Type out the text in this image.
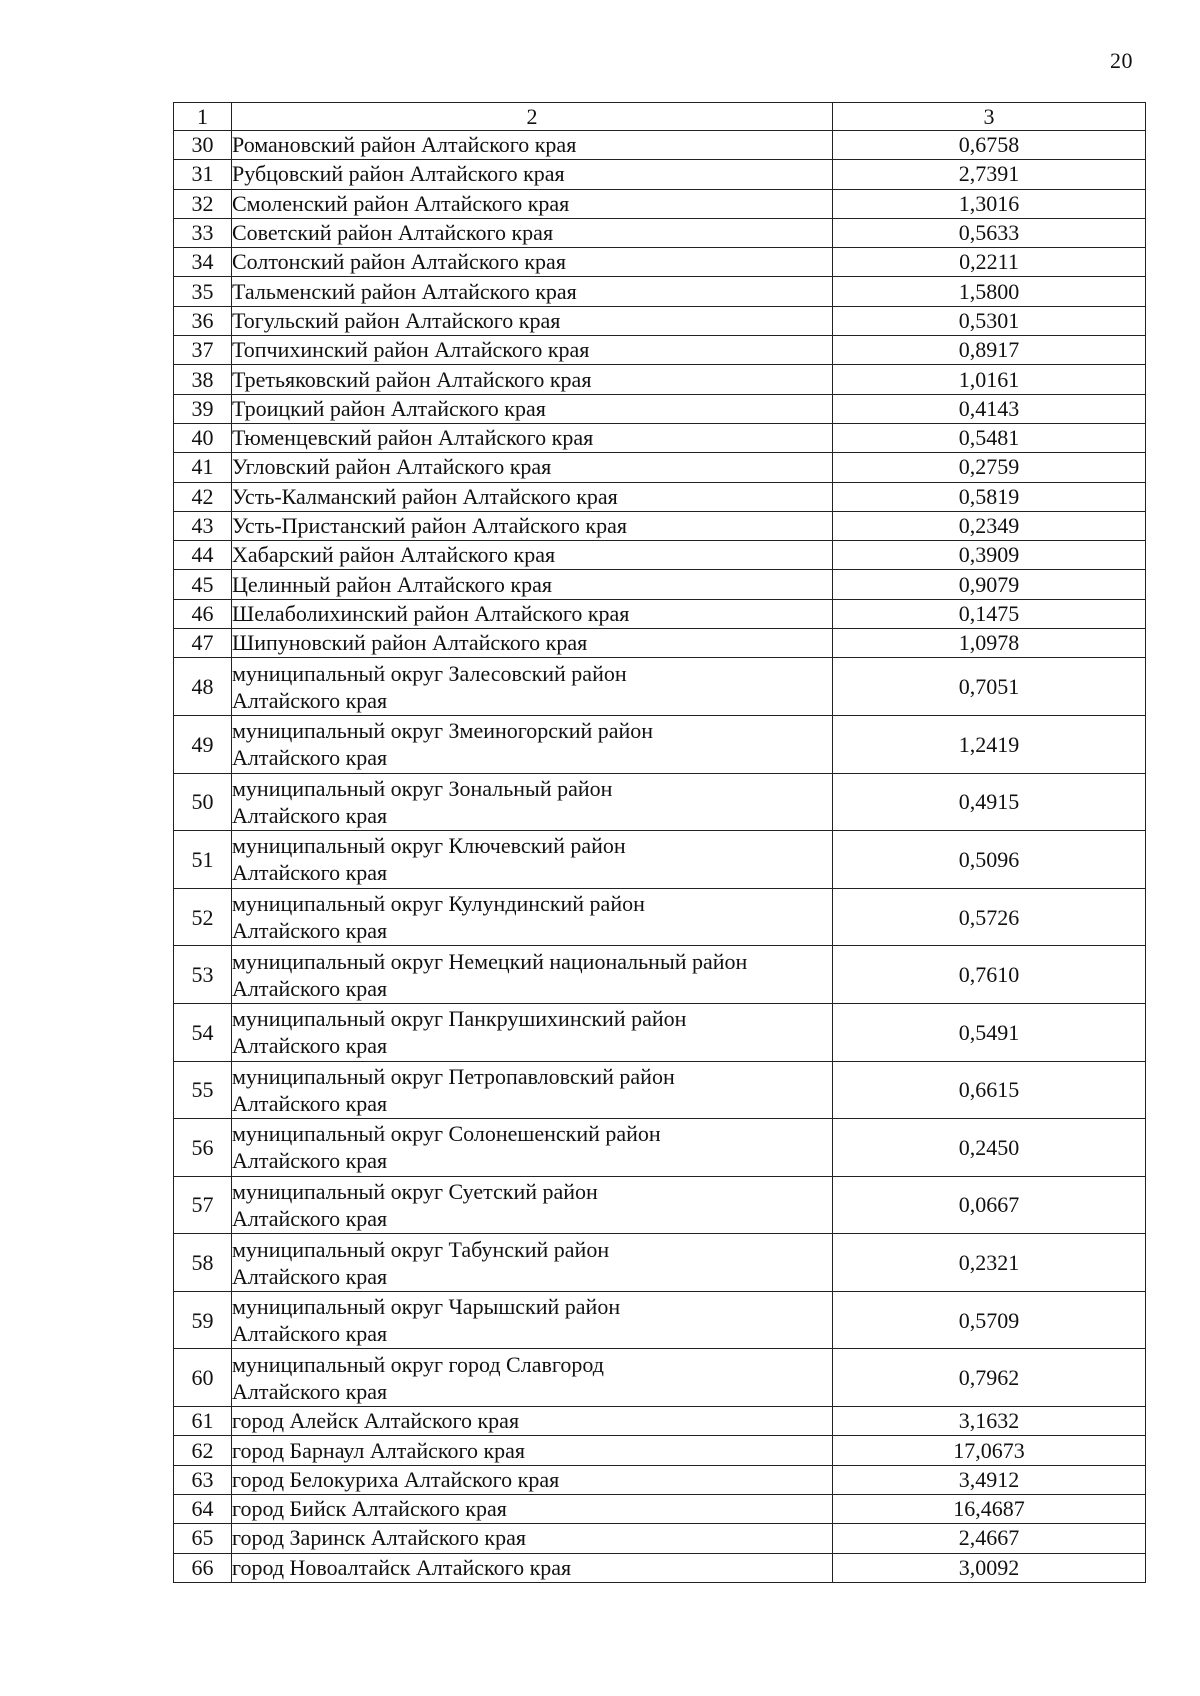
20
1	2	3
30	Романовский район Алтайского края	0,6758
31	Рубцовский район Алтайского края	2,7391
32	Смоленский район Алтайского края	1,3016
33	Советский район Алтайского края	0,5633
34	Солтонский район Алтайского края	0,2211
35	Тальменский район Алтайского края	1,5800
36	Тогульский район Алтайского края	0,5301
37	Топчихинский район Алтайского края	0,8917
38	Третьяковский район Алтайского края	1,0161
39	Троицкий район Алтайского края	0,4143
40	Тюменцевский район Алтайского края	0,5481
41	Угловский район Алтайского края	0,2759
42	Усть-Калманский район Алтайского края	0,5819
43	Усть-Пристанский район Алтайского края	0,2349
44	Хабарский район Алтайского края	0,3909
45	Целинный район Алтайского края	0,9079
46	Шелаболихинский район Алтайского края	0,1475
47	Шипуновский район Алтайского края	1,0978
48	муниципальный округ Залесовский район
Алтайского края	0,7051
49	муниципальный округ Змеиногорский район
Алтайского края	1,2419
50	муниципальный округ Зональный район
Алтайского края	0,4915
51	муниципальный округ Ключевский район
Алтайского края	0,5096
52	муниципальный округ Кулундинский район
Алтайского края	0,5726
53	муниципальный округ Немецкий национальный район
Алтайского края	0,7610
54	муниципальный округ Панкрушихинский район
Алтайского края	0,5491
55	муниципальный округ Петропавловский район
Алтайского края	0,6615
56	муниципальный округ Солонешенский район
Алтайского края	0,2450
57	муниципальный округ Суетский район
Алтайского края	0,0667
58	муниципальный округ Табунский район
Алтайского края	0,2321
59	муниципальный округ Чарышский район
Алтайского края	0,5709
60	муниципальный округ город Славгород
Алтайского края	0,7962
61	город Алейск Алтайского края	3,1632
62	город Барнаул Алтайского края	17,0673
63	город Белокуриха Алтайского края	3,4912
64	город Бийск Алтайского края	16,4687
65	город Заринск Алтайского края	2,4667
66	город Новоалтайск Алтайского края	3,0092
